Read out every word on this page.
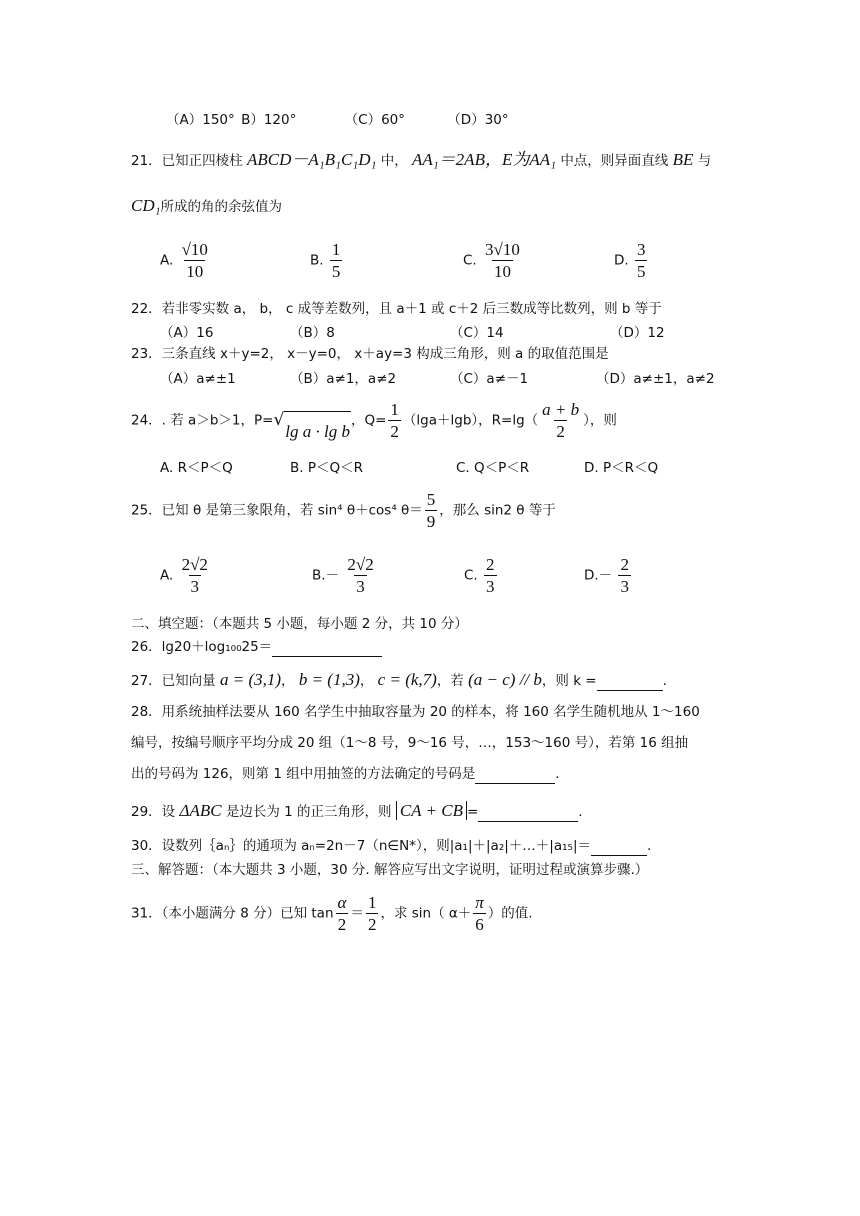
（A）150° B）120°	（C）60°	（D）30°
21．已知正四棱柱 ABCD－A₁B₁C₁D₁ 中， AA₁＝2AB，E为AA₁ 中点，则异面直线 BE 与
CD₁所成的角的余弦值为
A. $\frac{√10}{10}$	B. $\frac{1}{5}$	C. $\frac{3√10}{10}$	D. $\frac{3}{5}$
22．若非零实数 a， b， c 成等差数列，且 a＋1 或 c＋2 后三数成等比数列，则 b 等于
（A）16	（B）8	（C）14	（D）12
23．三条直线 x＋y=2， x－y=0， x＋ay=3 构成三角形，则 a 的取值范围是
（A）a≠±1	（B）a≠1，a≠2	（C）a≠－1	（D）a≠±1，a≠2
24．. 若 a＞b＞1，P= √
lg a · lg b
，$Q= \frac{1}{2} (\lg a+\lg b)$，$R=\lg( \frac{a + b}{2}$ ），则
A. R＜P＜Q	B. P＜Q＜R	C. Q＜P＜R	D. P＜R＜Q
25．已知 θ 是第三象限角，若 sin⁴ θ＋cos⁴ $\theta= \frac{5}{9}$ ，那么 sin2 θ 等于
A. $\frac{2√2}{3}$	$B.- \frac{2√2}{3}$	C. $\frac{2}{3}$	$D.- \frac{2}{3}$
二、填空题：（本题共 5 小题，每小题 2 分，共 10 分）
26．lg20＋log₁₀₀25＝
27．已知向量 a = (3,1)， b = (1,3)， c = (k,7)，若 (a − c) // b，则 k =	.
28．用系统抽样法要从 160 名学生中抽取容量为 20 的样本，将 160 名学生随机地从 1～160
编号，按编号顺序平均分成 20 组（1～8 号，9～16 号，…，153～160 号），若第 16 组抽
出的号码为 126，则第 1 组中用抽签的方法确定的号码是	.
29．设 ΔABC 是边长为 1 的正三角形，则 CA + CB =	.
30．设数列｛aₙ｝的通项为 aₙ=2n－7（n∈N*），则|a₁|＋|a₂|＋…＋|a₁₅|＝	.
三、解答题：（本大题共 3 小题，30 分. 解答应写出文字说明，证明过程或演算步骤.）
31．（本小题满分 8 分）已知 $\tan \frac{\alpha}{2} = \frac{1}{2}$ ，求 sin（ $\alpha+ \frac{\pi}{6}$ ）的值.
